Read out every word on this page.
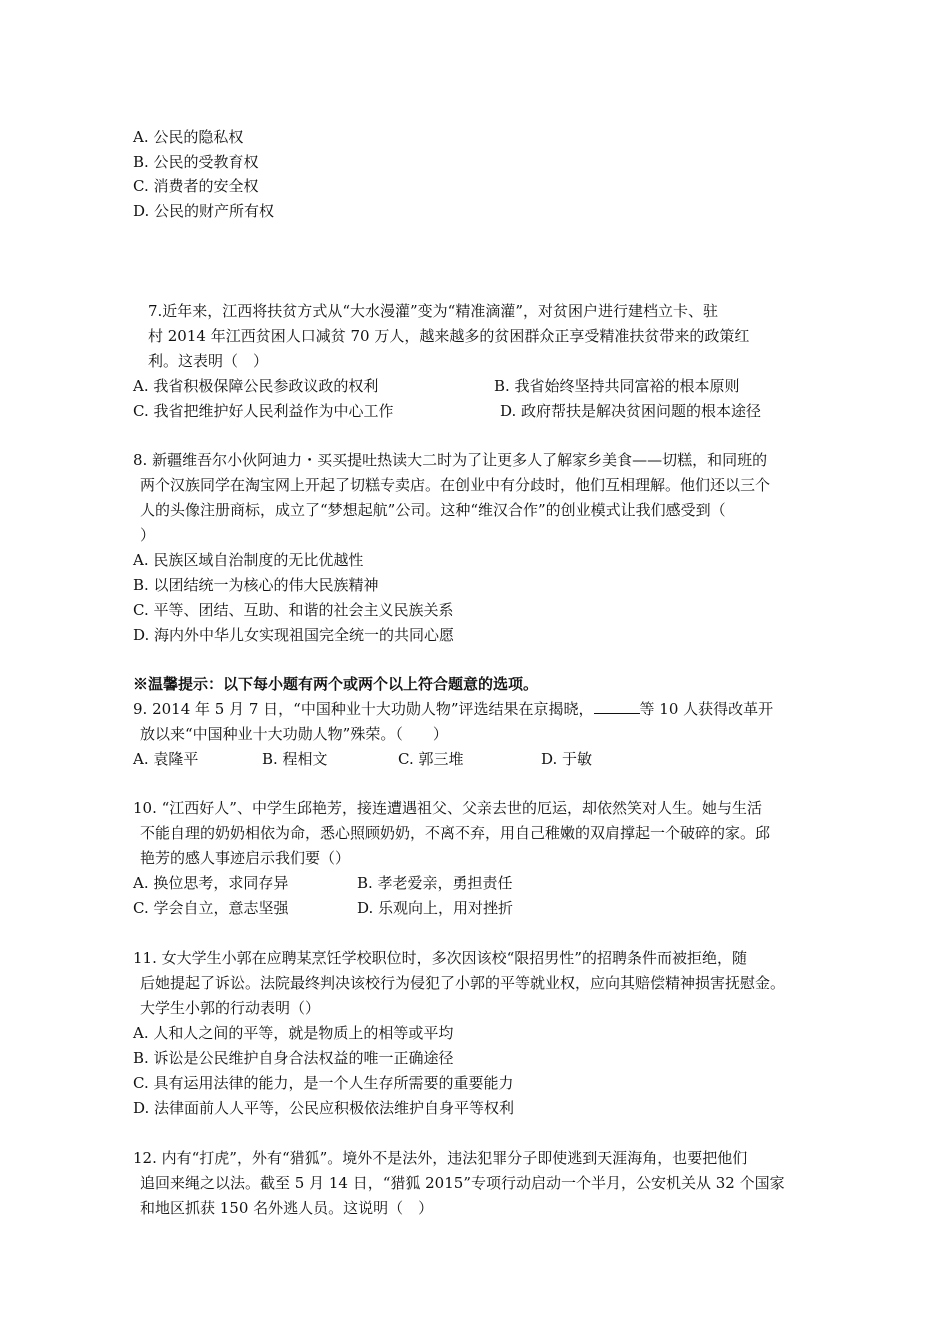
A. 公民的隐私权
B. 公民的受教育权
C. 消费者的安全权
D. 公民的财产所有权
7.近年来，江西将扶贫方式从“大水漫灌”变为“精准滴灌”，对贫困户进行建档立卡、驻
村 2014 年江西贫困人口减贫 70 万人，越来越多的贫困群众正享受精准扶贫带来的政策红
利。这表明（　）
A. 我省积极保障公民参政议政的权利	B. 我省始终坚持共同富裕的根本原则
C. 我省把维护好人民利益作为中心工作	D. 政府帮扶是解决贫困问题的根本途径
8. 新疆维吾尔小伙阿迪力・买买提吐热读大二时为了让更多人了解家乡美食——切糕，和同班的
两个汉族同学在淘宝网上开起了切糕专卖店。在创业中有分歧时，他们互相理解。他们还以三个
人的头像注册商标，成立了“梦想起航”公司。这种“维汉合作”的创业模式让我们感受到（
）
A. 民族区域自治制度的无比优越性
B. 以团结统一为核心的伟大民族精神
C. 平等、团结、互助、和谐的社会主义民族关系
D. 海内外中华儿女实现祖国完全统一的共同心愿
※温馨提示：以下每小题有两个或两个以上符合题意的选项。
9. 2014 年 5 月 7 日，“中国种业十大功勋人物”评选结果在京揭晓，	等 10 人获得改革开
放以来“中国种业十大功勋人物”殊荣。（　　）
A. 袁隆平	B. 程相文	C. 郭三堆	D. 于敏
10. “江西好人”、中学生邱艳芳，接连遭遇祖父、父亲去世的厄运，却依然笑对人生。她与生活
不能自理的奶奶相依为命，悉心照顾奶奶，不离不弃，用自己稚嫩的双肩撑起一个破碎的家。邱
艳芳的感人事迹启示我们要（）
A. 换位思考，求同存异	B. 孝老爱亲，勇担责任
C. 学会自立，意志坚强	D. 乐观向上，用对挫折
11. 女大学生小郭在应聘某烹饪学校职位时，多次因该校“限招男性”的招聘条件而被拒绝，随
后她提起了诉讼。法院最终判决该校行为侵犯了小郭的平等就业权，应向其赔偿精神损害抚慰金。
大学生小郭的行动表明（）
A. 人和人之间的平等，就是物质上的相等或平均
B. 诉讼是公民维护自身合法权益的唯一正确途径
C. 具有运用法律的能力，是一个人生存所需要的重要能力
D. 法律面前人人平等，公民应积极依法维护自身平等权利
12. 内有“打虎”，外有“猎狐”。境外不是法外，违法犯罪分子即使逃到天涯海角，也要把他们
追回来绳之以法。截至 5 月 14 日，“猎狐 2015”专项行动启动一个半月，公安机关从 32 个国家
和地区抓获 150 名外逃人员。这说明（　）
